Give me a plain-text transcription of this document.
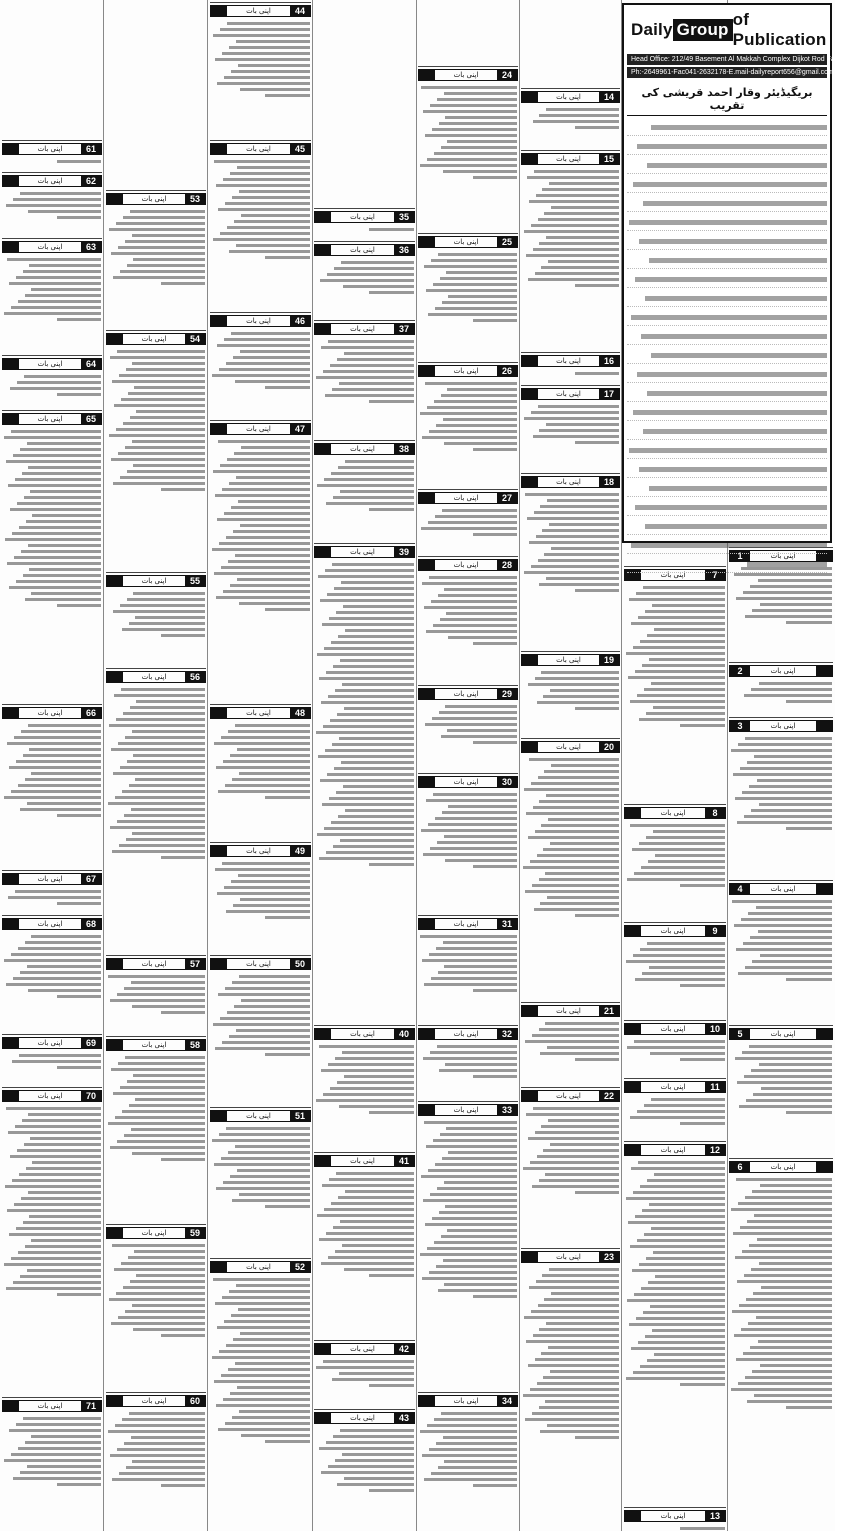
اپنی بات	61
اپنی بات	62
اپنی بات	63
اپنی بات	64
اپنی بات	65
اپنی بات	66
اپنی بات	67
اپنی بات	68
اپنی بات	69
اپنی بات	70
اپنی بات	71
اپنی بات	53
اپنی بات	54
اپنی بات	55
اپنی بات	56
اپنی بات	57
اپنی بات	58
اپنی بات	59
اپنی بات	60
اپنی بات	44
اپنی بات	45
اپنی بات	46
اپنی بات	47
اپنی بات	48
اپنی بات	49
اپنی بات	50
اپنی بات	51
اپنی بات	52
اپنی بات	35
اپنی بات	36
اپنی بات	37
اپنی بات	38
اپنی بات	39
اپنی بات	40
اپنی بات	41
اپنی بات	42
اپنی بات	43
اپنی بات	24
اپنی بات	25
اپنی بات	26
اپنی بات	27
اپنی بات	28
اپنی بات	29
اپنی بات	30
اپنی بات	31
اپنی بات	32
اپنی بات	33
اپنی بات	34
اپنی بات	14
اپنی بات	15
اپنی بات	16
اپنی بات	17
اپنی بات	18
اپنی بات	19
اپنی بات	20
اپنی بات	21
اپنی بات	22
اپنی بات	23
اپنی بات	7
اپنی بات	8
اپنی بات	9
اپنی بات	10
اپنی بات	11
اپنی بات	12
اپنی بات	13
1	اپنی بات
2	اپنی بات
3	اپنی بات
4	اپنی بات
5	اپنی بات
6	اپنی بات
Daily Group
of Publication
Head Office: 212/49 Basement Al Makkah Complex Dijkot Rod Faisalabad
Ph:-2649961-Fac041-2632178-E.mail-dailyreport656@gmail.com
بریگیڈیئر وقار احمد قریشی کی تقریب
